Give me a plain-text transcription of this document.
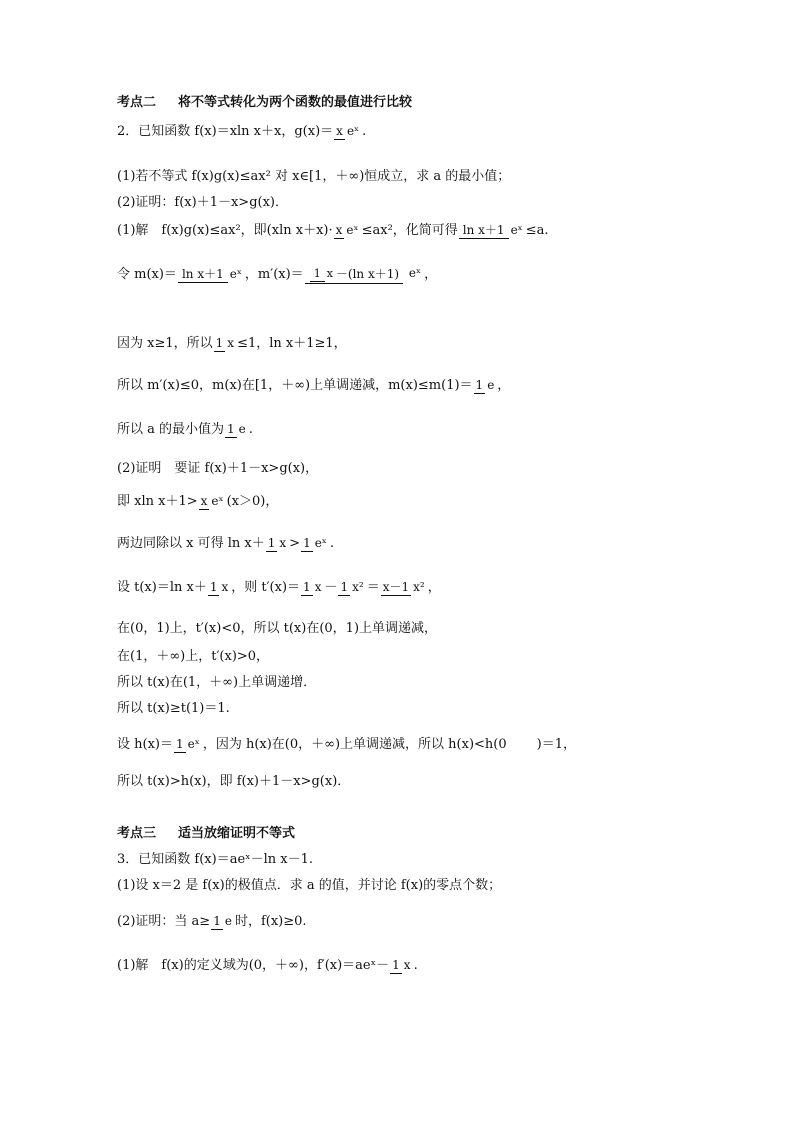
考点二 将不等式转化为两个函数的最值进行比较
2．已知函数 f(x)＝xln x＋x，g(x)＝ x eˣ .
(1)若不等式 f(x)g(x)≤ax² 对 x∈[1，＋∞)恒成立，求 a 的最小值；
(2)证明：f(x)＋1－x>g(x)．
(1)解　f(x)g(x)≤ax²，即(xln x＋x)· x eˣ ≤ax²，化简可得 ln x＋1 eˣ ≤a.
令 m(x)＝ ln x＋1 eˣ ，m′(x)＝ 1 x －(ln x＋1) eˣ ，
因为 x≥1，所以 1 x ≤1，ln x＋1≥1，
所以 m′(x)≤0，m(x)在[1，＋∞)上单调递减，m(x)≤m(1)＝ 1 e ，
所以 a 的最小值为 1 e .
(2)证明　要证 f(x)＋1－x>g(x)，
即 xln x＋1> x eˣ (x＞0)，
两边同除以 x 可得 ln x＋ 1 x > 1 eˣ .
设 t(x)＝ln x＋ 1 x ，则 t′(x)＝ 1 x － 1 x² ＝ x－1 x² ，
在(0，1)上，t′(x)<0，所以 t(x)在(0，1)上单调递减，
在(1，＋∞)上，t′(x)>0，
所以 t(x)在(1，＋∞)上单调递增．
所以 t(x)≥t(1)＝1.
设 h(x)＝ 1 eˣ ，因为 h(x)在(0，＋∞)上单调递减，所以 h(x)<h(0 )＝1，
所以 t(x)>h(x)，即 f(x)＋1－x>g(x)．
考点三 适当放缩证明不等式
3．已知函数 f(x)＝aeˣ－ln x－1.
(1)设 x＝2 是 f(x)的极值点．求 a 的值，并讨论 f(x)的零点个数；
(2)证明：当 a≥ 1 e 时，f(x)≥0.
(1)解　f(x)的定义域为(0，＋∞)，f′(x)＝aeˣ－ 1 x .
